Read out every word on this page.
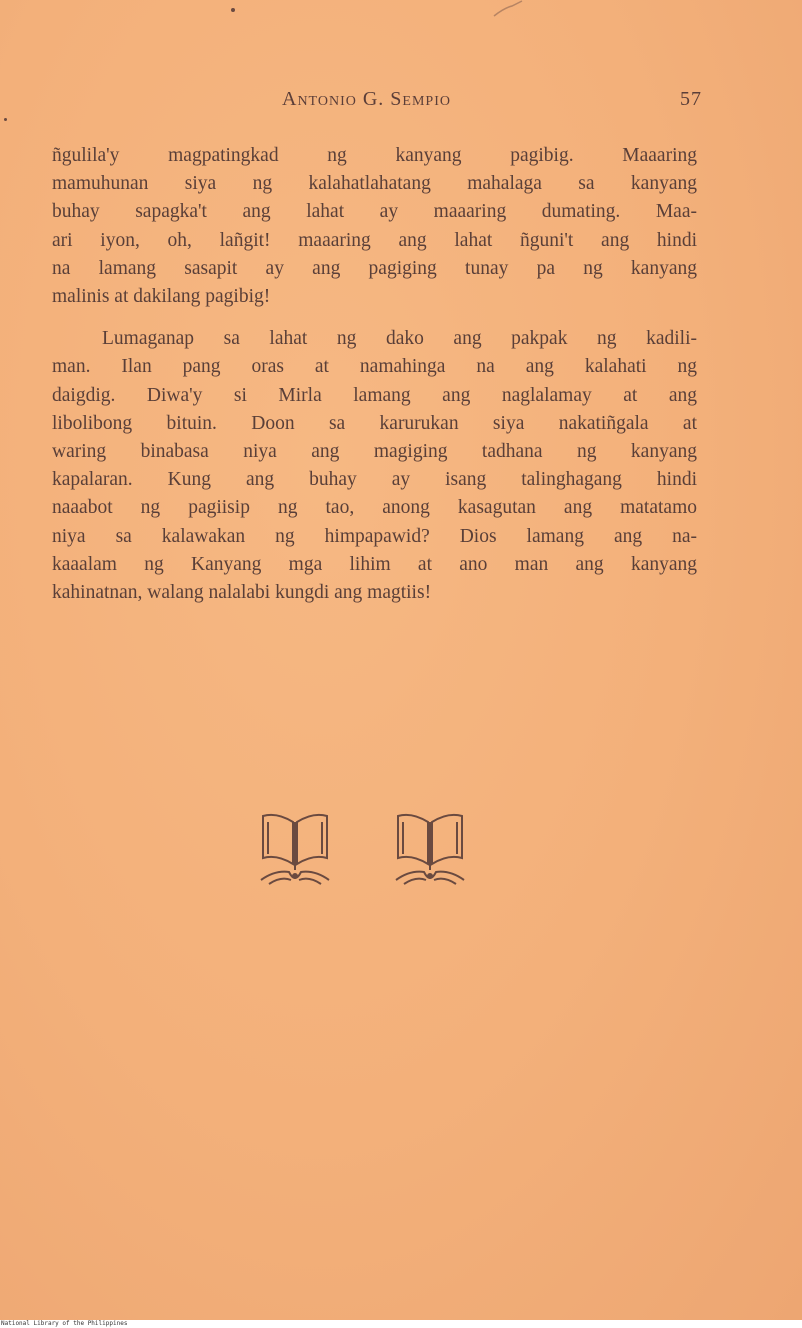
Antonio G. Sempio	57

ñgulila'y magpatingkad ng kanyang pagibig. Maaaring
mamuhunan siya ng kalahatlahatang mahalaga sa kanyang
buhay sapagka't ang lahat ay maaaring dumating. Maa-
ari iyon, oh, lañgit! maaaring ang lahat ñguni't ang hindi
na lamang sasapit ay ang pagiging tunay pa ng kanyang
malinis at dakilang pagibig!

Lumaganap sa lahat ng dako ang pakpak ng kadili-
man. Ilan pang oras at namahinga na ang kalahati ng
daigdig. Diwa'y si Mirla lamang ang naglalamay at ang
libolibong bituin. Doon sa karurukan siya nakatiñgala at
waring binabasa niya ang magiging tadhana ng kanyang
kapalaran. Kung ang buhay ay isang talinghagang hindi
naaabot ng pagiisip ng tao, anong kasagutan ang matatamo
niya sa kalawakan ng himpapawid? Dios lamang ang na-
kaaalam ng Kanyang mga lihim at ano man ang kanyang
kahinatnan, walang nalalabi kungdi ang magtiis!

National Library of the Philippines
